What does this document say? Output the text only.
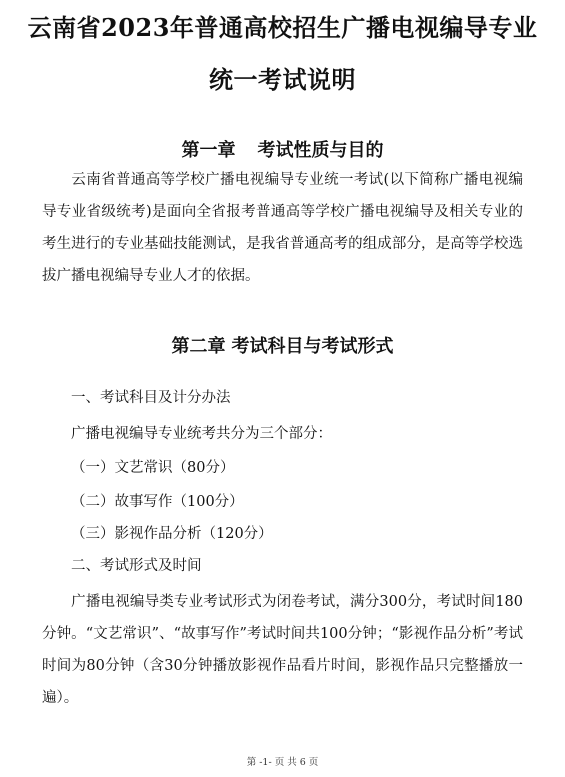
云南省2023年普通高校招生广播电视编导专业
统一考试说明
第一章 考试性质与目的
云南省普通高等学校广播电视编导专业统一考试(以下简称广播电视编导专业省级统考)是面向全省报考普通高等学校广播电视编导及相关专业的考生进行的专业基础技能测试，是我省普通高考的组成部分，是高等学校选拔广播电视编导专业人才的依据。
第二章 考试科目与考试形式
一、考试科目及计分办法
广播电视编导专业统考共分为三个部分：
（一）文艺常识（80分）
（二）故事写作（100分）
（三）影视作品分析（120分）
二、考试形式及时间
广播电视编导类专业考试形式为闭卷考试，满分300分，考试时间180分钟。“文艺常识”、“故事写作”考试时间共100分钟；“影视作品分析”考试时间为80分钟（含30分钟播放影视作品看片时间，影视作品只完整播放一遍）。
第 -1- 页 共 6 页
